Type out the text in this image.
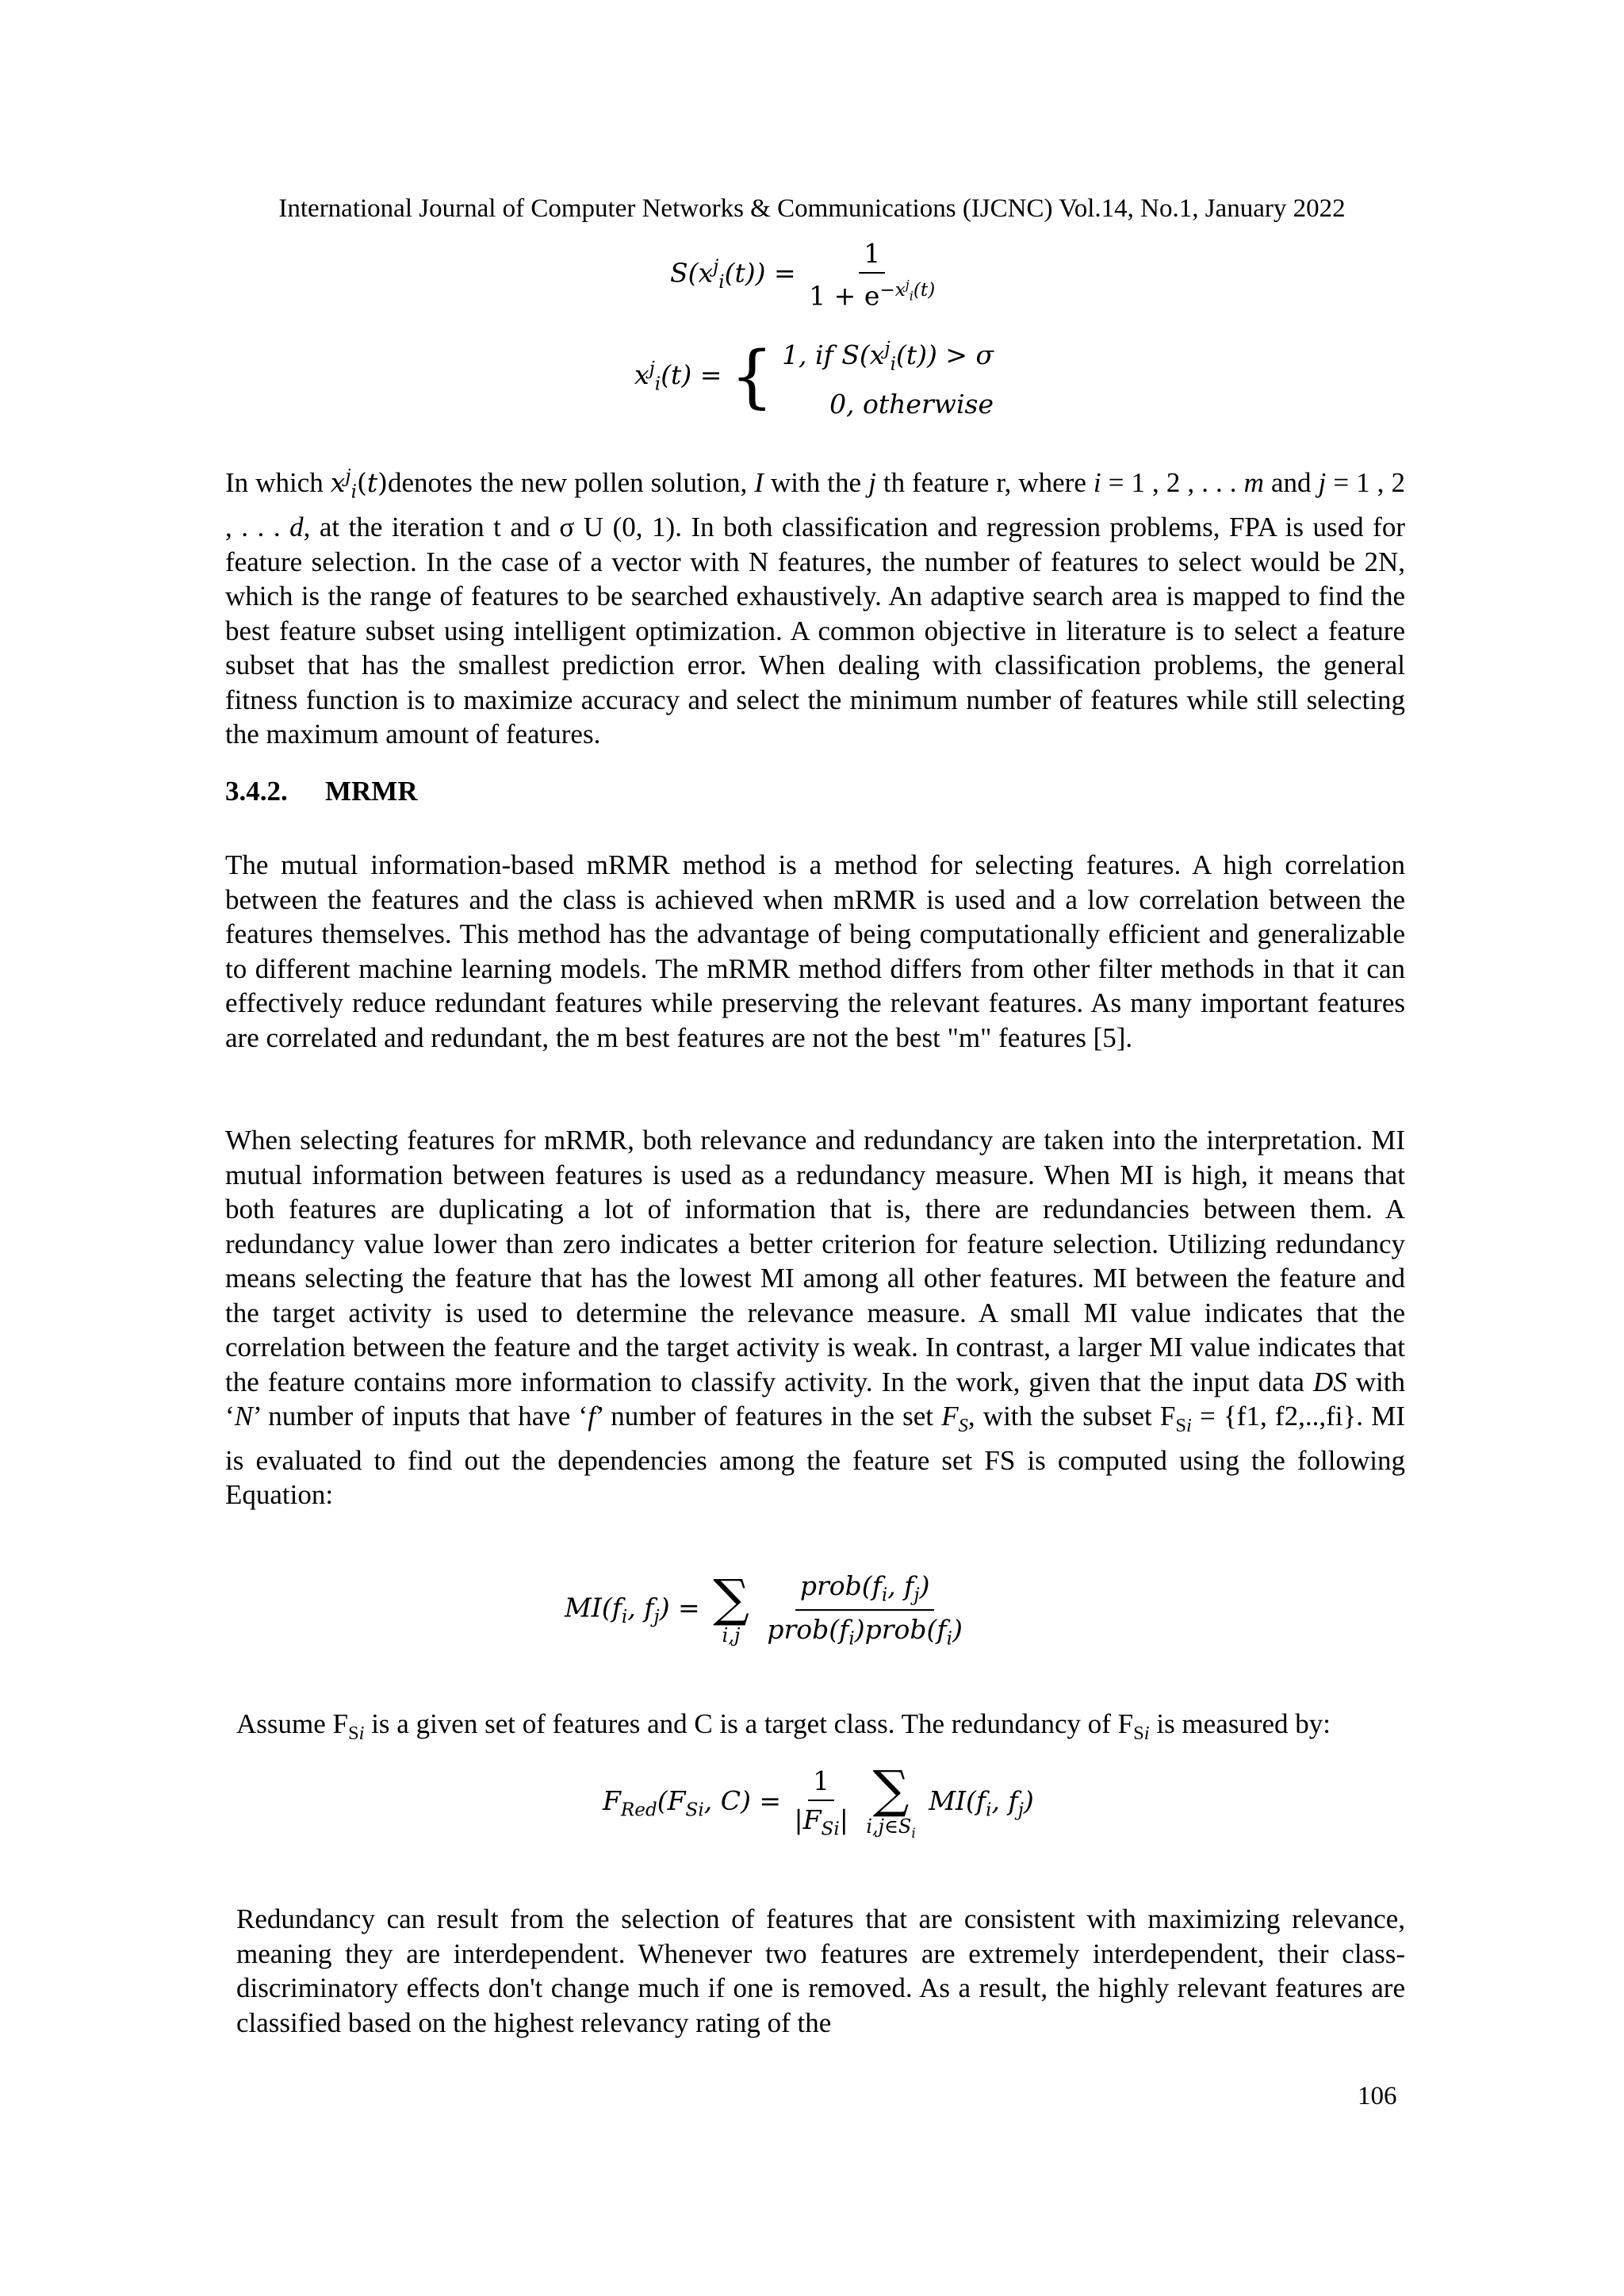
International Journal of Computer Networks & Communications (IJCNC) Vol.14, No.1, January 2022
$S(x^j_i(t)) = \frac{1}{1 + e^{-x^j_i(t)}}$
$x^j_i(t)$ = { 1, if $S(x^j_i(t)) > \sigma$
0, otherwise
In which $x^j_i(t)denotes$ the new pollen solution, I with the j th feature r, where i = 1 , 2 , . . . m and j = 1 , 2 , . . . d, at the iteration t and σ U (0, 1). In both classification and regression problems, FPA is used for feature selection. In the case of a vector with N features, the number of features to select would be 2N, which is the range of features to be searched exhaustively. An adaptive search area is mapped to find the best feature subset using intelligent optimization. A common objective in literature is to select a feature subset that has the smallest prediction error. When dealing with classification problems, the general fitness function is to maximize accuracy and select the minimum number of features while still selecting the maximum amount of features.
3.4.2. MRMR
The mutual information-based mRMR method is a method for selecting features. A high correlation between the features and the class is achieved when mRMR is used and a low correlation between the features themselves. This method has the advantage of being computationally efficient and generalizable to different machine learning models. The mRMR method differs from other filter methods in that it can effectively reduce redundant features while preserving the relevant features. As many important features are correlated and redundant, the m best features are not the best "m" features [5].
When selecting features for mRMR, both relevance and redundancy are taken into the interpretation. MI mutual information between features is used as a redundancy measure. When MI is high, it means that both features are duplicating a lot of information that is, there are redundancies between them. A redundancy value lower than zero indicates a better criterion for feature selection. Utilizing redundancy means selecting the feature that has the lowest MI among all other features. MI between the feature and the target activity is used to determine the relevance measure. A small MI value indicates that the correlation between the feature and the target activity is weak. In contrast, a larger MI value indicates that the feature contains more information to classify activity. In the work, given that the input data DS with ‘N’ number of inputs that have ‘f’ number of features in the set $F_S$, with the subset $F_{Si} = \{f1$, f2,..,fi}. MI is evaluated to find out the dependencies among the feature set FS is computed using the following Equation:
$MI(f_i$, $f_j$) = ∑
i,j
$\frac{prob(f_i, f_j)}{prob(f_i)prob(f_i)}$
Assume $F_{Si}$ is a given set of features and C is a target class. The redundancy of $F_{Si}$ is measured by:
$F_{Red}(F_{Si}$, $C) = \frac{1}{|F_{Si}|}$
∑
$i,j\in S_i$
$MI(f_i$, $f_j$)
Redundancy can result from the selection of features that are consistent with maximizing relevance, meaning they are interdependent. Whenever two features are extremely interdependent, their class-discriminatory effects don't change much if one is removed. As a result, the highly relevant features are classified based on the highest relevancy rating of the
106
